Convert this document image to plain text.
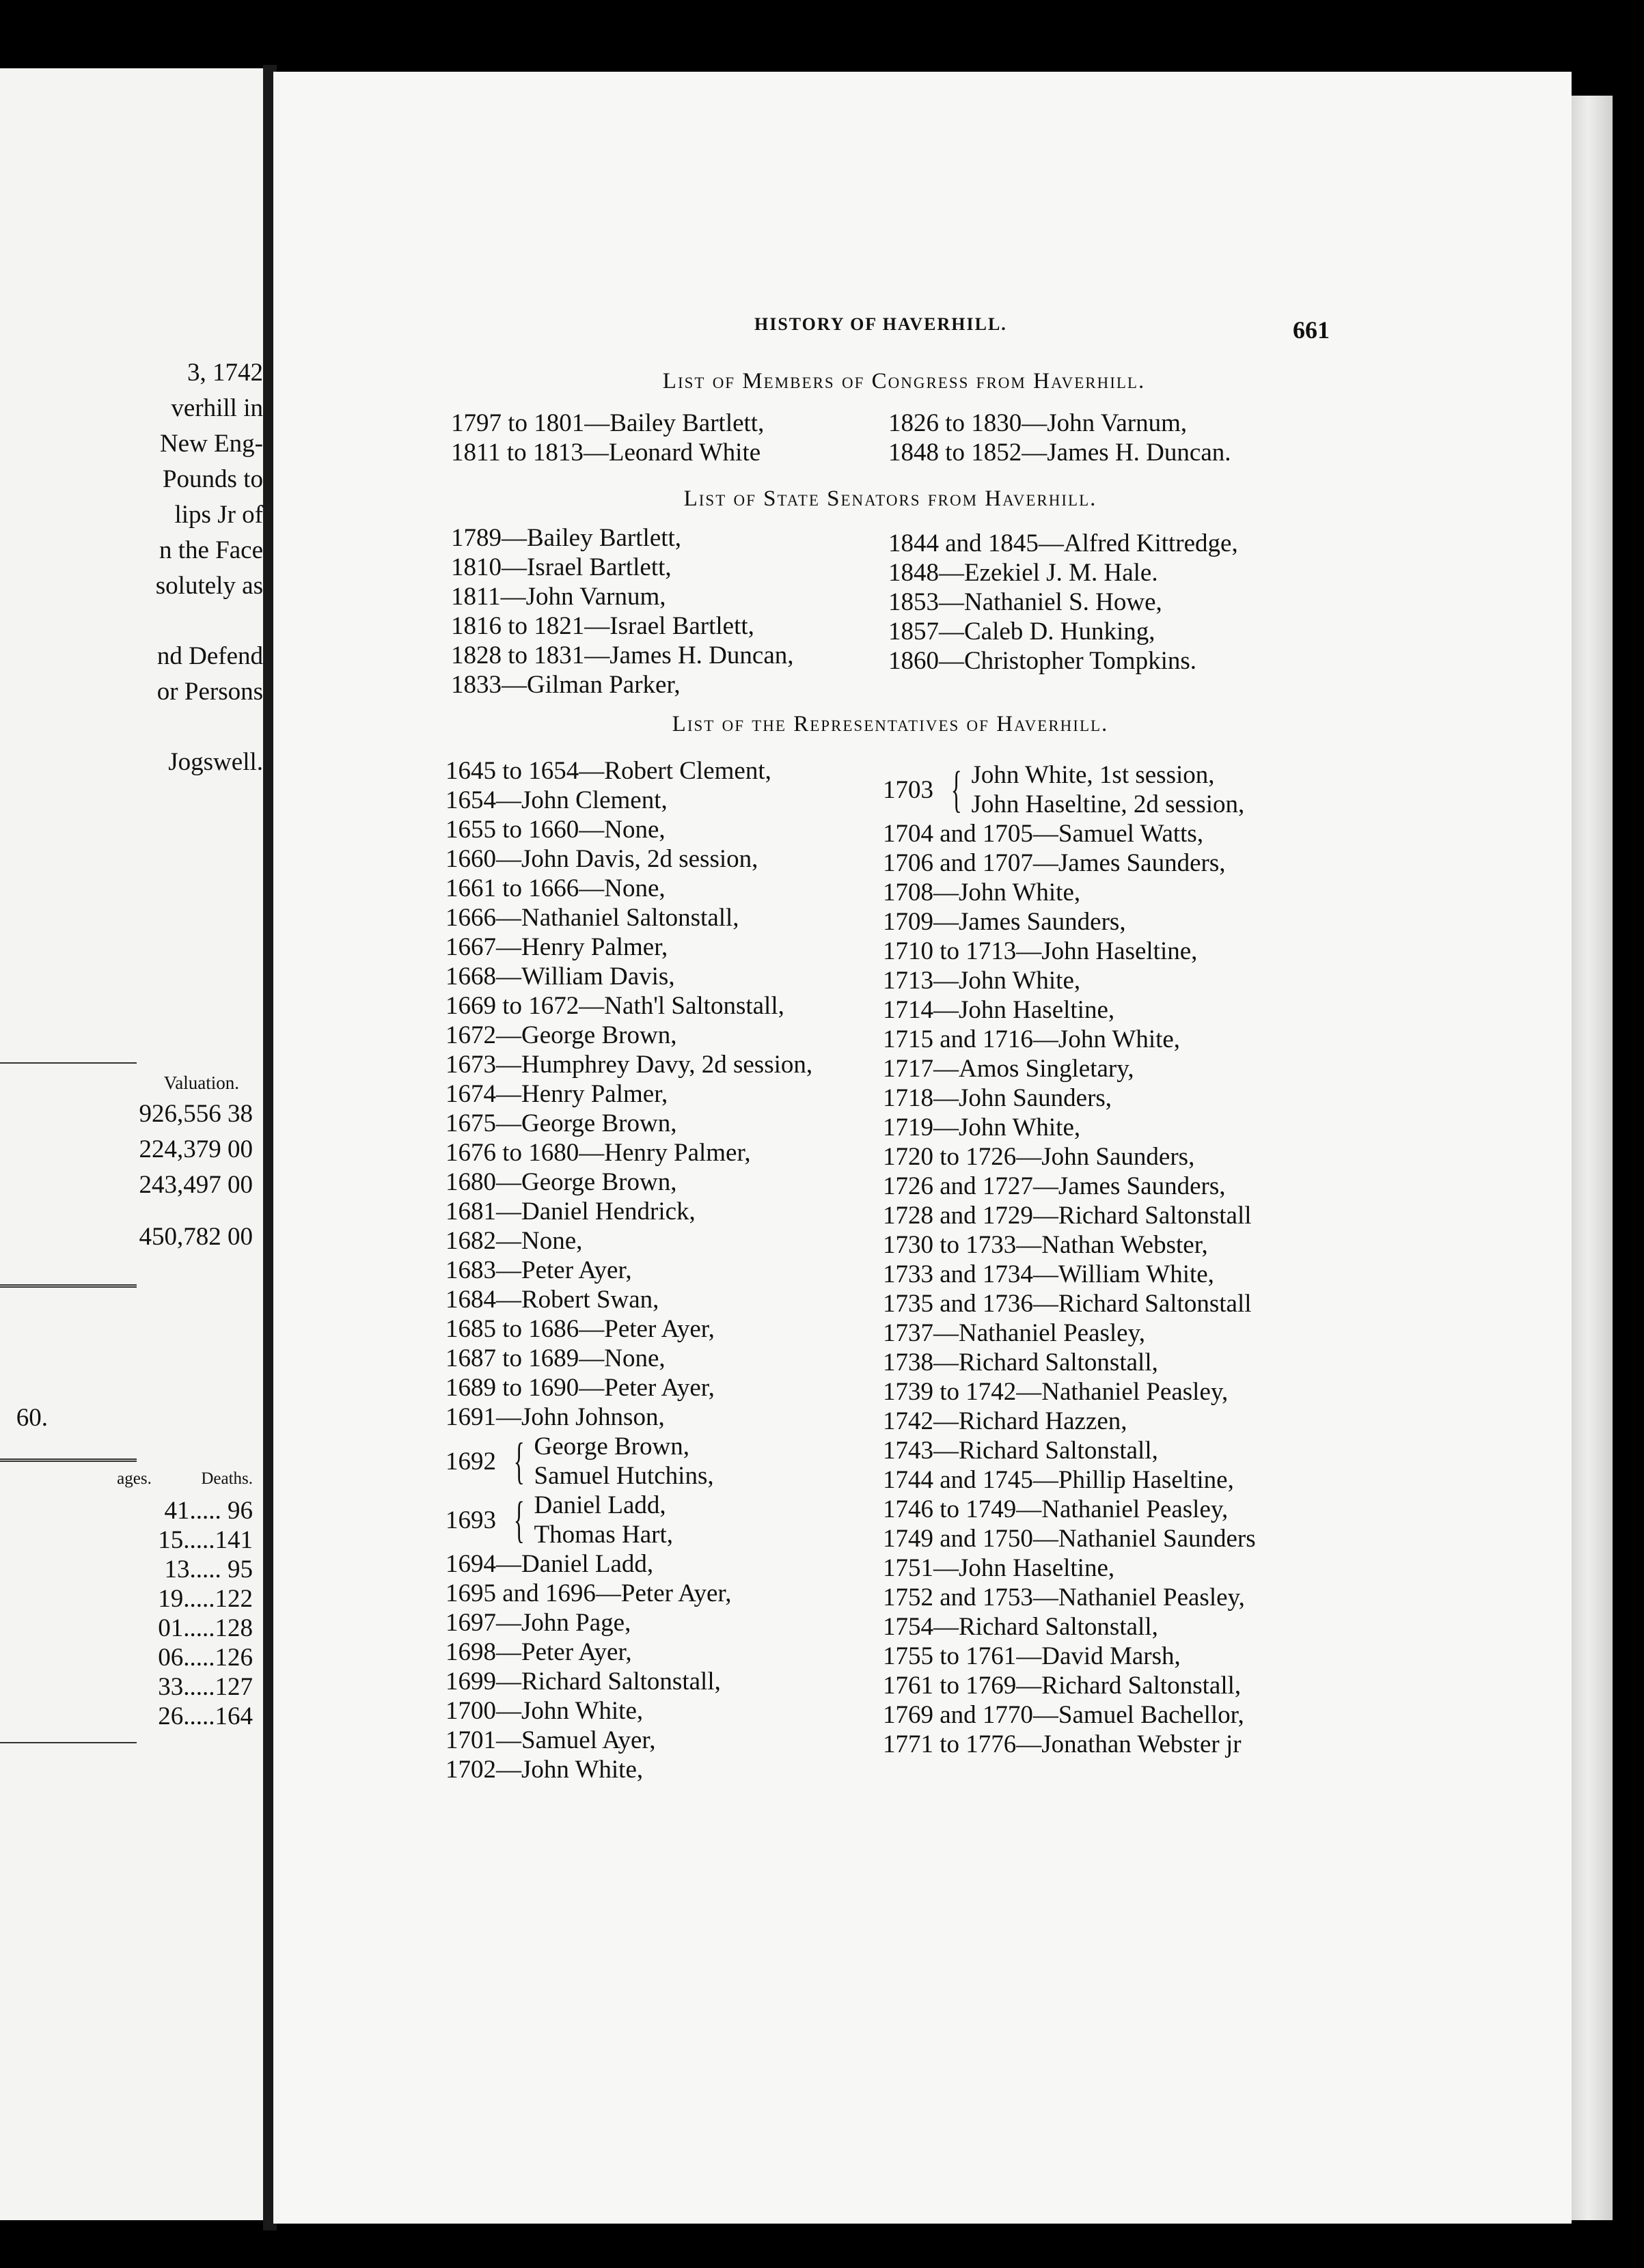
3, 1742
verhill in
New Eng-
Pounds to
lips Jr of
n the Face
solutely as
nd Defend
or Persons
Jogswell.
Valuation.
926,556 38
224,379 00
243,497 00
450,782 00
60.
ages.	Deaths.
41..... 96
15.....141
13..... 95
19.....122
01.....128
06.....126
33.....127
26.....164
HISTORY OF HAVERHILL.	661
List of Members of Congress from Haverhill.
1797 to 1801—Bailey Bartlett,
1811 to 1813—Leonard White
1826 to 1830—John Varnum,
1848 to 1852—James H. Duncan.
List of State Senators from Haverhill.
1789—Bailey Bartlett,
1810—Israel Bartlett,
1811—John Varnum,
1816 to 1821—Israel Bartlett,
1828 to 1831—James H. Duncan,
1833—Gilman Parker,
1844 and 1845—Alfred Kittredge,
1848—Ezekiel J. M. Hale.
1853—Nathaniel S. Howe,
1857—Caleb D. Hunking,
1860—Christopher Tompkins.
List of the Representatives of Haverhill.
1645 to 1654—Robert Clement,
1654—John Clement,
1655 to 1660—None,
1660—John Davis, 2d session,
1661 to 1666—None,
1666—Nathaniel Saltonstall,
1667—Henry Palmer,
1668—William Davis,
1669 to 1672—Nath'l Saltonstall,
1672—George Brown,
1673—Humphrey Davy, 2d session,
1674—Henry Palmer,
1675—George Brown,
1676 to 1680—Henry Palmer,
1680—George Brown,
1681—Daniel Hendrick,
1682—None,
1683—Peter Ayer,
1684—Robert Swan,
1685 to 1686—Peter Ayer,
1687 to 1689—None,
1689 to 1690—Peter Ayer,
1691—John Johnson,
1692 { George Brown,
Samuel Hutchins,
1693 { Daniel Ladd,
Thomas Hart,
1694—Daniel Ladd,
1695 and 1696—Peter Ayer,
1697—John Page,
1698—Peter Ayer,
1699—Richard Saltonstall,
1700—John White,
1701—Samuel Ayer,
1702—John White,
1703 { John White, 1st session,
John Haseltine, 2d session,
1704 and 1705—Samuel Watts,
1706 and 1707—James Saunders,
1708—John White,
1709—James Saunders,
1710 to 1713—John Haseltine,
1713—John White,
1714—John Haseltine,
1715 and 1716—John White,
1717—Amos Singletary,
1718—John Saunders,
1719—John White,
1720 to 1726—John Saunders,
1726 and 1727—James Saunders,
1728 and 1729—Richard Saltonstall
1730 to 1733—Nathan Webster,
1733 and 1734—William White,
1735 and 1736—Richard Saltonstall
1737—Nathaniel Peasley,
1738—Richard Saltonstall,
1739 to 1742—Nathaniel Peasley,
1742—Richard Hazzen,
1743—Richard Saltonstall,
1744 and 1745—Phillip Haseltine,
1746 to 1749—Nathaniel Peasley,
1749 and 1750—Nathaniel Saunders
1751—John Haseltine,
1752 and 1753—Nathaniel Peasley,
1754—Richard Saltonstall,
1755 to 1761—David Marsh,
1761 to 1769—Richard Saltonstall,
1769 and 1770—Samuel Bachellor,
1771 to 1776—Jonathan Webster jr
